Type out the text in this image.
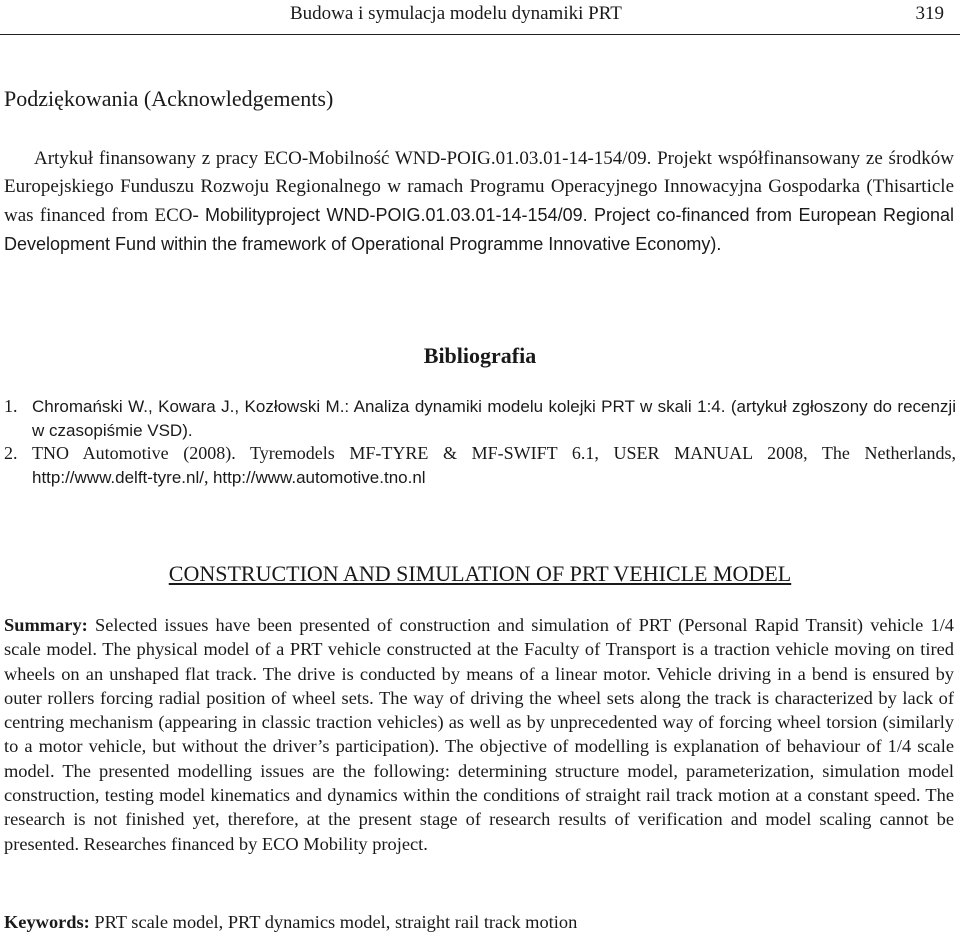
Budowa i symulacja modelu dynamiki PRT	319
Podziękowania (Acknowledgements)
Artykuł finansowany z pracy ECO-Mobilność WND-POIG.01.03.01-14-154/09. Projekt współfinansowany ze środków Europejskiego Funduszu Rozwoju Regionalnego w ramach Programu Operacyjnego Innowacyjna Gospodarka (Thisarticle was financed from ECO- Mobilityproject WND-POIG.01.03.01-14-154/09. Project co-financed from European Regional Development Fund within the framework of Operational Programme Innovative Economy).
Bibliografia
1. Chromański W., Kowara J., Kozłowski M.: Analiza dynamiki modelu kolejki PRT w skali 1:4. (artykuł zgłoszony do recenzji w czasopiśmie VSD).
2. TNO Automotive (2008). Tyremodels MF-TYRE & MF-SWIFT 6.1, USER MANUAL 2008, The Netherlands, http://www.delft-tyre.nl/, http://www.automotive.tno.nl
CONSTRUCTION AND SIMULATION OF PRT VEHICLE MODEL
Summary: Selected issues have been presented of construction and simulation of PRT (Personal Rapid Transit) vehicle 1/4 scale model. The physical model of a PRT vehicle constructed at the Faculty of Transport is a traction vehicle moving on tired wheels on an unshaped flat track. The drive is conducted by means of a linear motor. Vehicle driving in a bend is ensured by outer rollers forcing radial position of wheel sets. The way of driving the wheel sets along the track is characterized by lack of centring mechanism (appearing in classic traction vehicles) as well as by unprecedented way of forcing wheel torsion (similarly to a motor vehicle, but without the driver’s participation). The objective of modelling is explanation of behaviour of 1/4 scale model. The presented modelling issues are the following: determining structure model, parameterization, simulation model construction, testing model kinematics and dynamics within the conditions of straight rail track motion at a constant speed. The research is not finished yet, therefore, at the present stage of research results of verification and model scaling cannot be presented. Researches financed by ECO Mobility project.
Keywords: PRT scale model, PRT dynamics model, straight rail track motion
